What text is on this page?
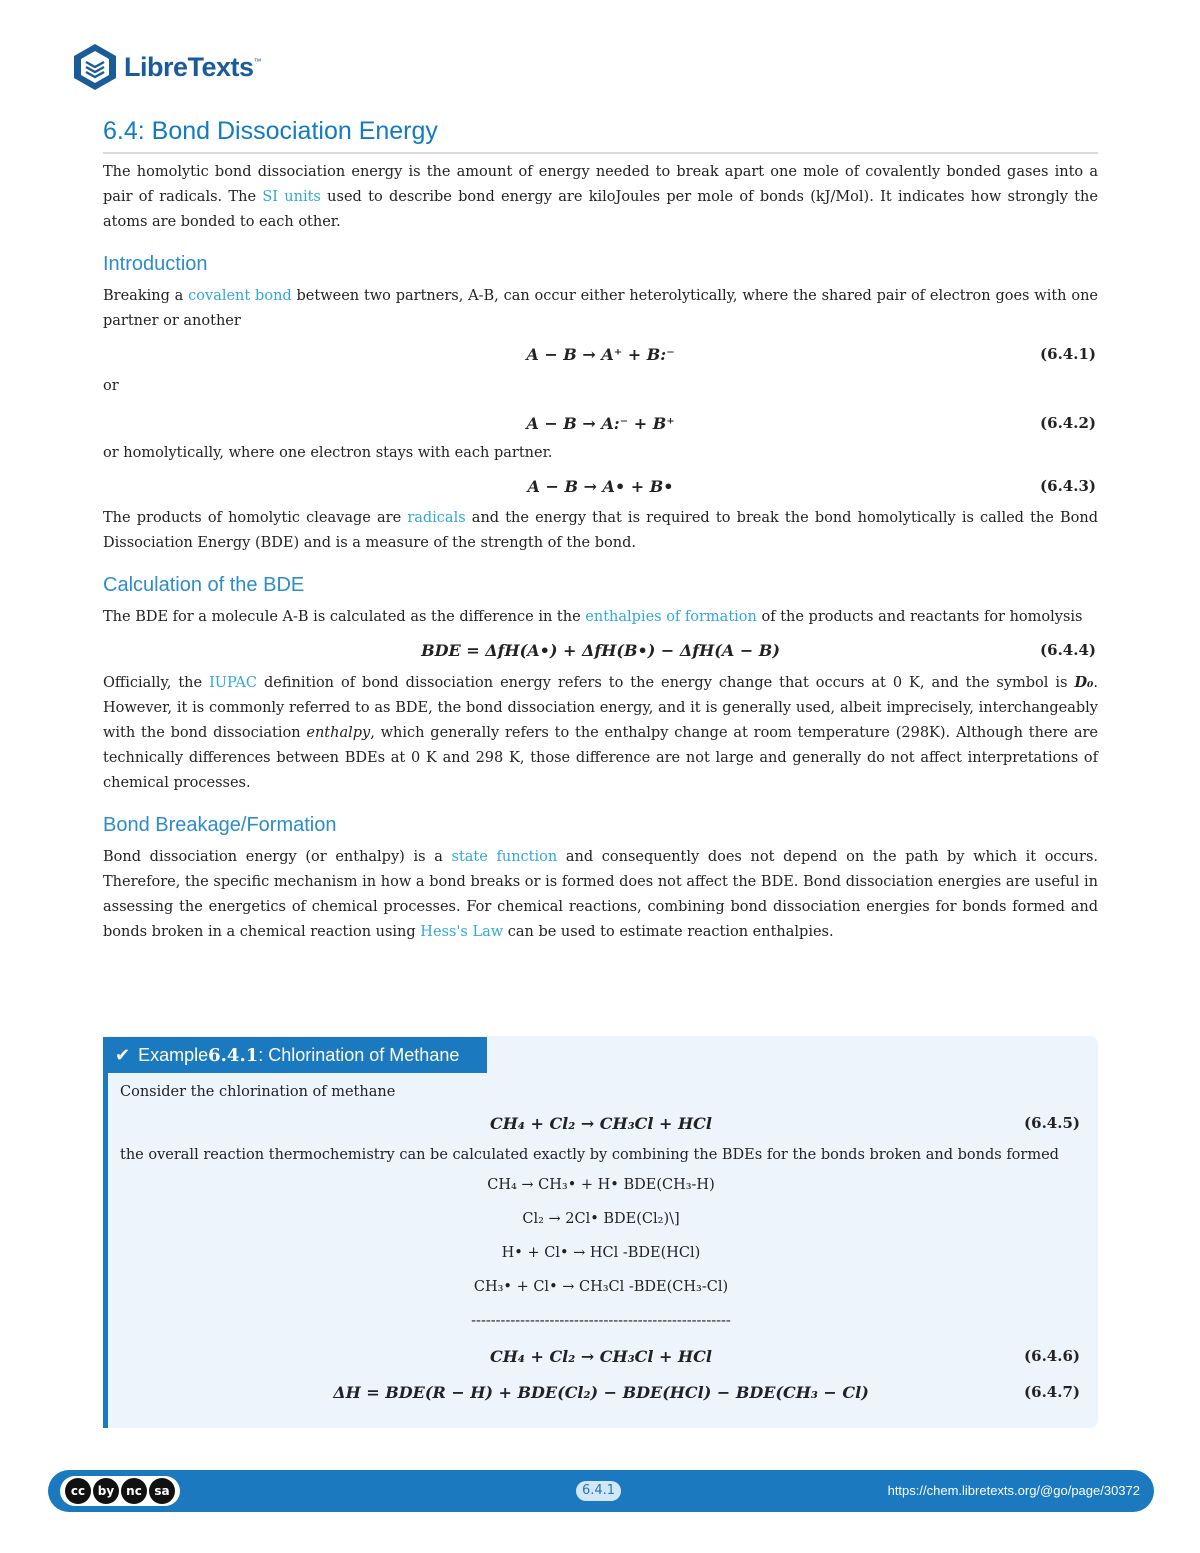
LibreTexts ™
6.4: Bond Dissociation Energy

The homolytic bond dissociation energy is the amount of energy needed to break apart one mole of covalently bonded gases into a pair of radicals. The SI units used to describe bond energy are kiloJoules per mole of bonds (kJ/Mol). It indicates how strongly the atoms are bonded to each other.

Introduction

Breaking a covalent bond between two partners, A-B, can occur either heterolytically, where the shared pair of electron goes with one partner or another

A − B → A⁺ + B:⁻	(6.4.1)

or

A − B → A:⁻ + B⁺	(6.4.2)

or homolytically, where one electron stays with each partner.

A − B → A• + B•	(6.4.3)

The products of homolytic cleavage are radicals and the energy that is required to break the bond homolytically is called the Bond Dissociation Energy (BDE) and is a measure of the strength of the bond.

Calculation of the BDE

The BDE for a molecule A-B is calculated as the difference in the enthalpies of formation of the products and reactants for homolysis

BDE = ΔfH(A•) + ΔfH(B•) − ΔfH(A − B)	(6.4.4)

Officially, the IUPAC definition of bond dissociation energy refers to the energy change that occurs at 0 K, and the symbol is D₀. However, it is commonly referred to as BDE, the bond dissociation energy, and it is generally used, albeit imprecisely, interchangeably with the bond dissociation enthalpy, which generally refers to the enthalpy change at room temperature (298K). Although there are technically differences between BDEs at 0 K and 298 K, those difference are not large and generally do not affect interpretations of chemical processes.

Bond Breakage/Formation

Bond dissociation energy (or enthalpy) is a state function and consequently does not depend on the path by which it occurs. Therefore, the specific mechanism in how a bond breaks or is formed does not affect the BDE. Bond dissociation energies are useful in assessing the energetics of chemical processes. For chemical reactions, combining bond dissociation energies for bonds formed and bonds broken in a chemical reaction using Hess's Law can be used to estimate reaction enthalpies.

✔ Example 6.4.1 : Chlorination of Methane

Consider the chlorination of methane

CH₄ + Cl₂ → CH₃Cl + HCl	(6.4.5)

the overall reaction thermochemistry can be calculated exactly by combining the BDEs for the bonds broken and bonds formed

CH₄ → CH₃• + H• BDE(CH₃-H)
Cl₂ → 2Cl• BDE(Cl₂)\]
H• + Cl• → HCl -BDE(HCl)
CH₃• + Cl• → CH₃Cl -BDE(CH₃-Cl)
-----------------------------------------------------
CH₄ + Cl₂ → CH₃Cl + HCl	(6.4.6)
ΔH = BDE(R − H) + BDE(Cl₂) − BDE(HCl) − BDE(CH₃ − Cl)	(6.4.7)
cc	by nc	sa	6.4.1	https://chem.libretexts.org/@go/page/30372
